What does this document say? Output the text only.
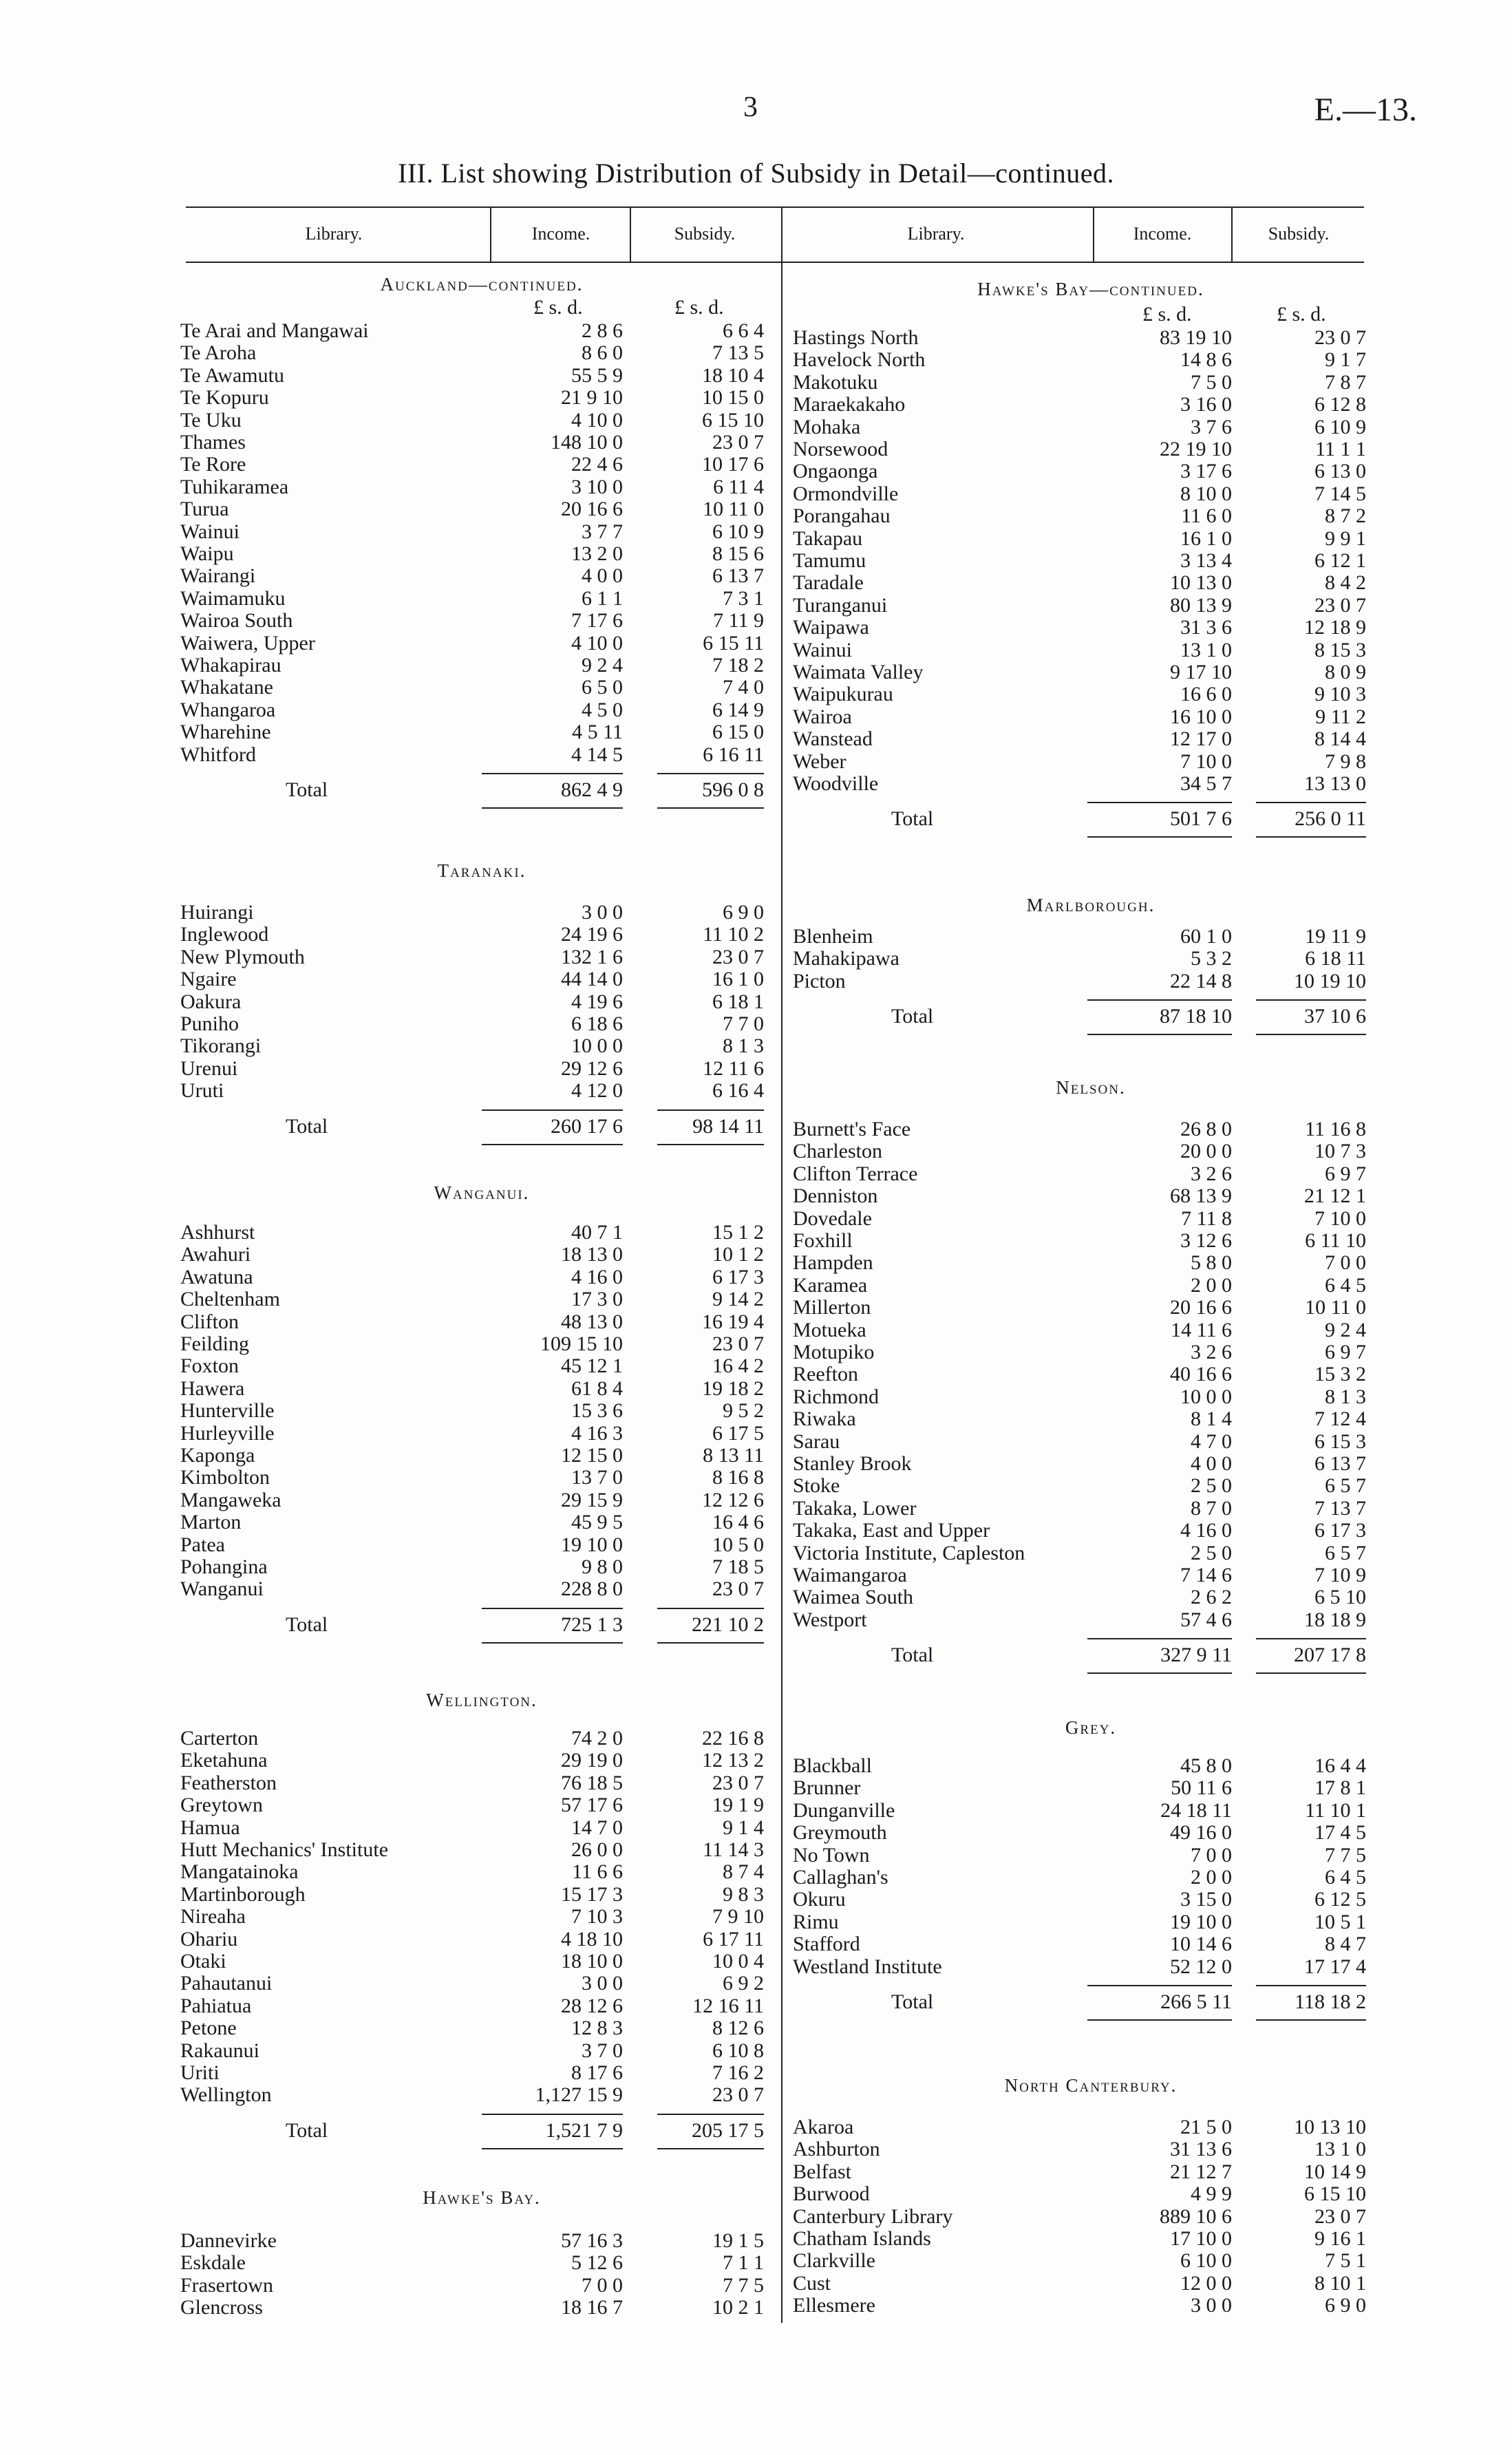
3	E.—13.
III. List showing Distribution of Subsidy in Detail—continued.
Library.	Income.	Subsidy.	Library.	Income.	Subsidy.
Auckland—continued.
£ s. d.	£ s. d.
Te Arai and Mangawai	2 8 6	6 6 4
Te Aroha	8 6 0	7 13 5
Te Awamutu	55 5 9	18 10 4
Te Kopuru	21 9 10	10 15 0
Te Uku	4 10 0	6 15 10
Thames	148 10 0	23 0 7
Te Rore	22 4 6	10 17 6
Tuhikaramea	3 10 0	6 11 4
Turua	20 16 6	10 11 0
Wainui	3 7 7	6 10 9
Waipu	13 2 0	8 15 6
Wairangi	4 0 0	6 13 7
Waimamuku	6 1 1	7 3 1
Wairoa South	7 17 6	7 11 9
Waiwera, Upper	4 10 0	6 15 11
Whakapirau	9 2 4	7 18 2
Whakatane	6 5 0	7 4 0
Whangaroa	4 5 0	6 14 9
Wharehine	4 5 11	6 15 0
Whitford	4 14 5	6 16 11
Total	862 4 9	596 0 8
Taranaki.
Huirangi	3 0 0	6 9 0
Inglewood	24 19 6	11 10 2
New Plymouth	132 1 6	23 0 7
Ngaire	44 14 0	16 1 0
Oakura	4 19 6	6 18 1
Puniho	6 18 6	7 7 0
Tikorangi	10 0 0	8 1 3
Urenui	29 12 6	12 11 6
Uruti	4 12 0	6 16 4
Total	260 17 6	98 14 11
Wanganui.
Ashhurst	40 7 1	15 1 2
Awahuri	18 13 0	10 1 2
Awatuna	4 16 0	6 17 3
Cheltenham	17 3 0	9 14 2
Clifton	48 13 0	16 19 4
Feilding	109 15 10	23 0 7
Foxton	45 12 1	16 4 2
Hawera	61 8 4	19 18 2
Hunterville	15 3 6	9 5 2
Hurleyville	4 16 3	6 17 5
Kaponga	12 15 0	8 13 11
Kimbolton	13 7 0	8 16 8
Mangaweka	29 15 9	12 12 6
Marton	45 9 5	16 4 6
Patea	19 10 0	10 5 0
Pohangina	9 8 0	7 18 5
Wanganui	228 8 0	23 0 7
Total	725 1 3	221 10 2
Wellington.
Carterton	74 2 0	22 16 8
Eketahuna	29 19 0	12 13 2
Featherston	76 18 5	23 0 7
Greytown	57 17 6	19 1 9
Hamua	14 7 0	9 1 4
Hutt Mechanics' Institute	26 0 0	11 14 3
Mangatainoka	11 6 6	8 7 4
Martinborough	15 17 3	9 8 3
Nireaha	7 10 3	7 9 10
Ohariu	4 18 10	6 17 11
Otaki	18 10 0	10 0 4
Pahautanui	3 0 0	6 9 2
Pahiatua	28 12 6	12 16 11
Petone	12 8 3	8 12 6
Rakaunui	3 7 0	6 10 8
Uriti	8 17 6	7 16 2
Wellington	1,127 15 9	23 0 7
Total	1,521 7 9	205 17 5
Hawke's Bay.
Dannevirke	57 16 3	19 1 5
Eskdale	5 12 6	7 1 1
Frasertown	7 0 0	7 7 5
Glencross	18 16 7	10 2 1
Hawke's Bay—continued.
£ s. d.	£ s. d.
Hastings North	83 19 10	23 0 7
Havelock North	14 8 6	9 1 7
Makotuku	7 5 0	7 8 7
Maraekakaho	3 16 0	6 12 8
Mohaka	3 7 6	6 10 9
Norsewood	22 19 10	11 1 1
Ongaonga	3 17 6	6 13 0
Ormondville	8 10 0	7 14 5
Porangahau	11 6 0	8 7 2
Takapau	16 1 0	9 9 1
Tamumu	3 13 4	6 12 1
Taradale	10 13 0	8 4 2
Turanganui	80 13 9	23 0 7
Waipawa	31 3 6	12 18 9
Wainui	13 1 0	8 15 3
Waimata Valley	9 17 10	8 0 9
Waipukurau	16 6 0	9 10 3
Wairoa	16 10 0	9 11 2
Wanstead	12 17 0	8 14 4
Weber	7 10 0	7 9 8
Woodville	34 5 7	13 13 0
Total	501 7 6	256 0 11
Marlborough.
Blenheim	60 1 0	19 11 9
Mahakipawa	5 3 2	6 18 11
Picton	22 14 8	10 19 10
Total	87 18 10	37 10 6
Nelson.
Burnett's Face	26 8 0	11 16 8
Charleston	20 0 0	10 7 3
Clifton Terrace	3 2 6	6 9 7
Denniston	68 13 9	21 12 1
Dovedale	7 11 8	7 10 0
Foxhill	3 12 6	6 11 10
Hampden	5 8 0	7 0 0
Karamea	2 0 0	6 4 5
Millerton	20 16 6	10 11 0
Motueka	14 11 6	9 2 4
Motupiko	3 2 6	6 9 7
Reefton	40 16 6	15 3 2
Richmond	10 0 0	8 1 3
Riwaka	8 1 4	7 12 4
Sarau	4 7 0	6 15 3
Stanley Brook	4 0 0	6 13 7
Stoke	2 5 0	6 5 7
Takaka, Lower	8 7 0	7 13 7
Takaka, East and Upper	4 16 0	6 17 3
Victoria Institute, Capleston	2 5 0	6 5 7
Waimangaroa	7 14 6	7 10 9
Waimea South	2 6 2	6 5 10
Westport	57 4 6	18 18 9
Total	327 9 11	207 17 8
Grey.
Blackball	45 8 0	16 4 4
Brunner	50 11 6	17 8 1
Dunganville	24 18 11	11 10 1
Greymouth	49 16 0	17 4 5
No Town	7 0 0	7 7 5
Callaghan's	2 0 0	6 4 5
Okuru	3 15 0	6 12 5
Rimu	19 10 0	10 5 1
Stafford	10 14 6	8 4 7
Westland Institute	52 12 0	17 17 4
Total	266 5 11	118 18 2
North Canterbury.
Akaroa	21 5 0	10 13 10
Ashburton	31 13 6	13 1 0
Belfast	21 12 7	10 14 9
Burwood	4 9 9	6 15 10
Canterbury Library	889 10 6	23 0 7
Chatham Islands	17 10 0	9 16 1
Clarkville	6 10 0	7 5 1
Cust	12 0 0	8 10 1
Ellesmere	3 0 0	6 9 0
